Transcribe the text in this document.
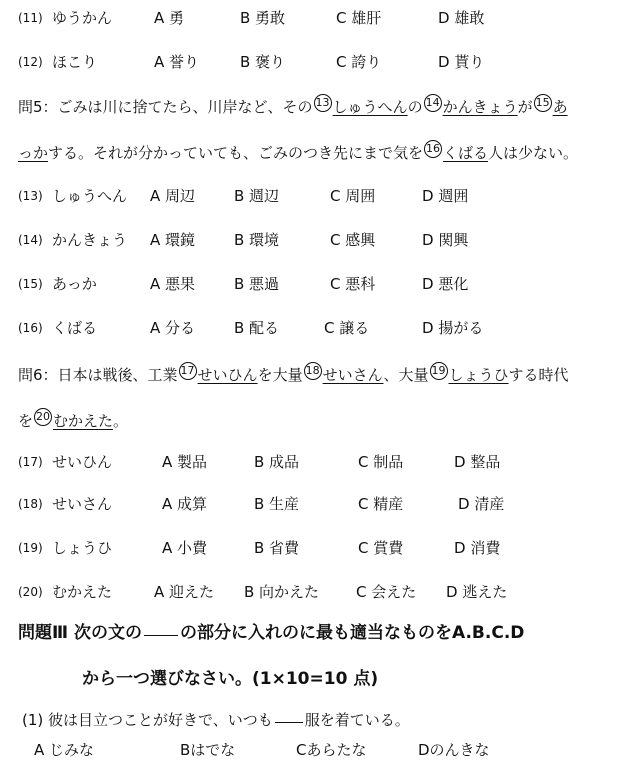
(11) ゆうかん	A 勇	B 勇敢	C 雄肝	D 雄敢
(12) ほこり	A 誉り	B 褒り	C 誇り	D 貰り
問5：ごみは川に捨てたら、川岸など、その 13 しゅうへんの 14 かんきょうが 15 あ
っかする。それが分かっていても、ごみのつき先にまで気を 16 くばる人は少ない。
(13) しゅうへん A 周辺	B 週辺	C 周囲	D 週囲
(14) かんきょう A 環鏡	B 環境	C 感興	D 関興
(15) あっか	A 悪果	B 悪過	C 悪科	D 悪化
(16) くばる	A 分る	B 配る	C 譲る	D 揚がる
問6：日本は戦後、工業 17 せいひんを大量 18 せいさん、大量 19 しょうひする時代
を 20 むかえた。
(17) せいひん	A 製品	B 成品	C 制品	D 整品
(18) せいさん	A 成算	B 生産	C 精産	D 清産
(19) しょうひ	A 小費	B 省費	C 賞費	D 消費
(20) むかえた	A 迎えた B 向かえた C 会えた D 逃えた
問題Ⅲ 次の文の の部分に入れのに最も適当なものをA.B.C.D
から一つ選びなさい。(1×10=10 点)
(1) 彼は目立つことが好きで、いつも 服を着ている。
A じみな	Bはでな	Cあらたな	Dのんきな
